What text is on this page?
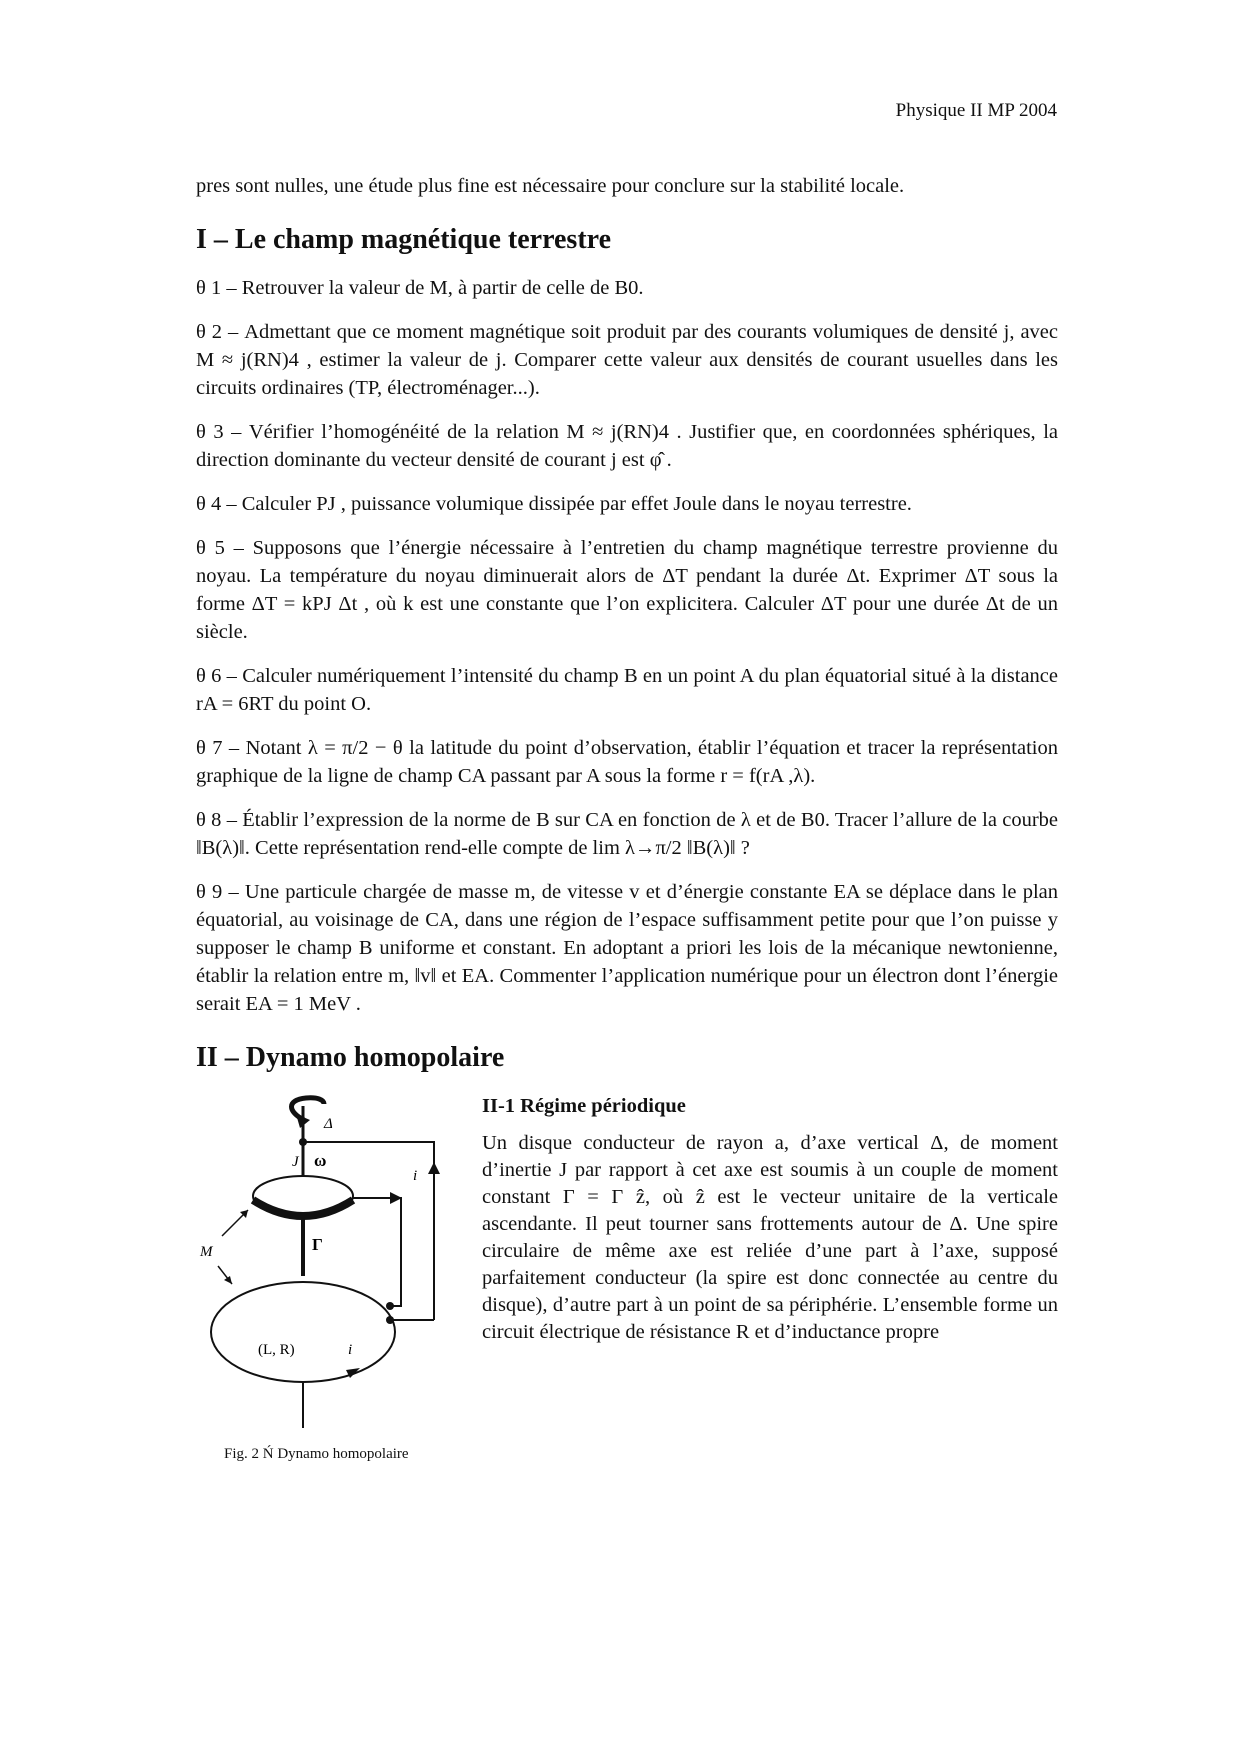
Physique II MP 2004

pres sont nulles, une étude plus fine est nécessaire pour conclure sur la stabilité locale.

I – Le champ magnétique terrestre

θ 1 – Retrouver la valeur de M, à partir de celle de B0.

θ 2 – Admettant que ce moment magnétique soit produit par des courants volumiques de densité j, avec M ≈ j(RN)4 , estimer la valeur de j. Comparer cette valeur aux densités de courant usuelles dans les circuits ordinaires (TP, électroménager...).

θ 3 – Vérifier l’homogénéité de la relation M ≈ j(RN)4 . Justifier que, en coordonnées sphériques, la direction dominante du vecteur densité de courant j est φ̂ .

θ 4 – Calculer PJ , puissance volumique dissipée par effet Joule dans le noyau terrestre.

θ 5 – Supposons que l’énergie nécessaire à l’entretien du champ magnétique terrestre provienne du noyau. La température du noyau diminuerait alors de ΔT pendant la durée Δt. Exprimer ΔT sous la forme ΔT = kPJ Δt , où k est une constante que l’on explicitera. Calculer ΔT pour une durée Δt de un siècle.

θ 6 – Calculer numériquement l’intensité du champ B en un point A du plan équatorial situé à la distance rA = 6RT du point O.

θ 7 – Notant λ = π/2 − θ la latitude du point d’observation, établir l’équation et tracer la représentation graphique de la ligne de champ CA passant par A sous la forme r = f(rA ,λ).

θ 8 – Établir l’expression de la norme de B sur CA en fonction de λ et de B0. Tracer l’allure de la courbe ‖B(λ)‖. Cette représentation rend-elle compte de lim λ→π/2 ‖B(λ)‖ ?

θ 9 – Une particule chargée de masse m, de vitesse v et d’énergie constante EA se déplace dans le plan équatorial, au voisinage de CA, dans une région de l’espace suffisamment petite pour que l’on puisse y supposer le champ B uniforme et constant. En adoptant a priori les lois de la mécanique newtonienne, établir la relation entre m, ‖v‖ et EA. Commenter l’application numérique pour un électron dont l’énergie serait EA = 1 MeV .

II – Dynamo homopolaire
Δ
J ω
i
M	Γ
(L, R)	i
Fig. 2 Ń Dynamo homopolaire
II-1 Régime périodique

Un disque conducteur de rayon a, d’axe vertical Δ, de moment d’inertie J par rapport à cet axe est soumis à un couple de moment constant Γ = Γ ẑ, où ẑ est le vecteur unitaire de la verticale ascendante. Il peut tourner sans frottements autour de Δ. Une spire circulaire de même axe est reliée d’une part à l’axe, supposé parfaitement conducteur (la spire est donc connectée au centre du disque), d’autre part à un point de sa périphérie. L’ensemble forme un circuit électrique de résistance R et d’inductance propre
